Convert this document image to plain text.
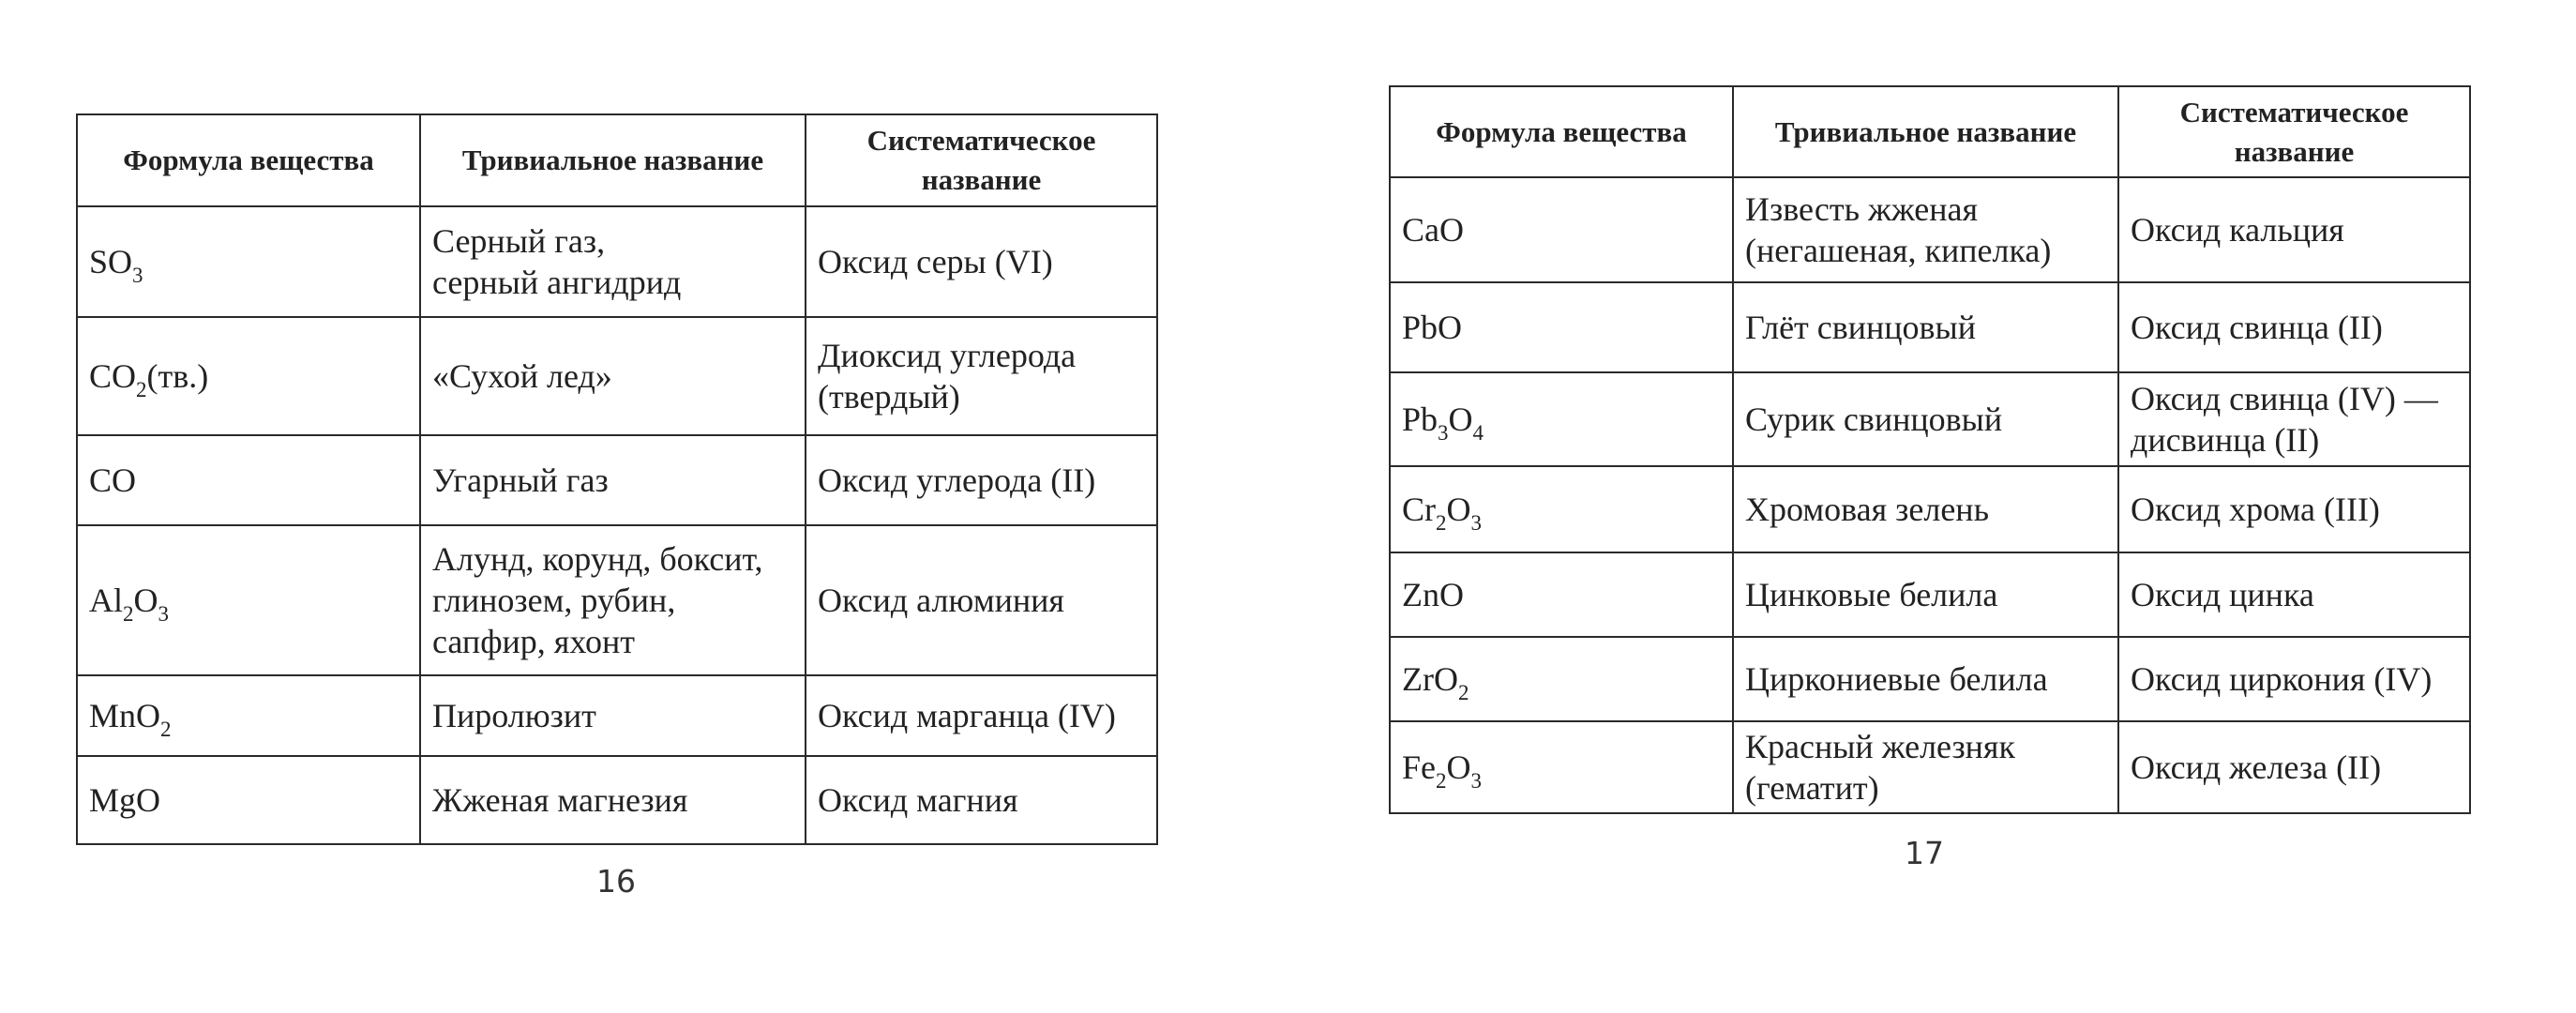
Формула вещества	Тривиальное название	Систематическое название

$SO_3$	Серный газ,
серный ангидрид	Оксид серы (VI)

$CO_2(тв.)$	«Сухой лед»	Диоксид углерода
(твердый)

CO	Угарный газ	Оксид углерода (II)

$Al_2O_3$	Алунд, корунд, боксит,
глинозем, рубин,
сапфир, яхонт	Оксид алюминия

MnO$_2$	Пиролюзит	Оксид марганца (IV)

MgO	Жженая магнезия	Оксид магния
16
Формула вещества	Тривиальное название	Систематическое название

CaO	Известь жженая
(негашеная, кипелка)	Оксид кальция

PbO	Глёт свинцовый	Оксид свинца (II)

$Pb_3O_4$	Сурик свинцовый	Оксид свинца (IV) —
дисвинца (II)

$Cr_2O_3$	Хромовая зелень	Оксид хрома (III)

ZnO	Цинковые белила	Оксид цинка

ZrO$_2$	Циркониевые белила	Оксид циркония (IV)

$Fe_2O_3$	Красный железняк
(гематит)	Оксид железа (II)
17
